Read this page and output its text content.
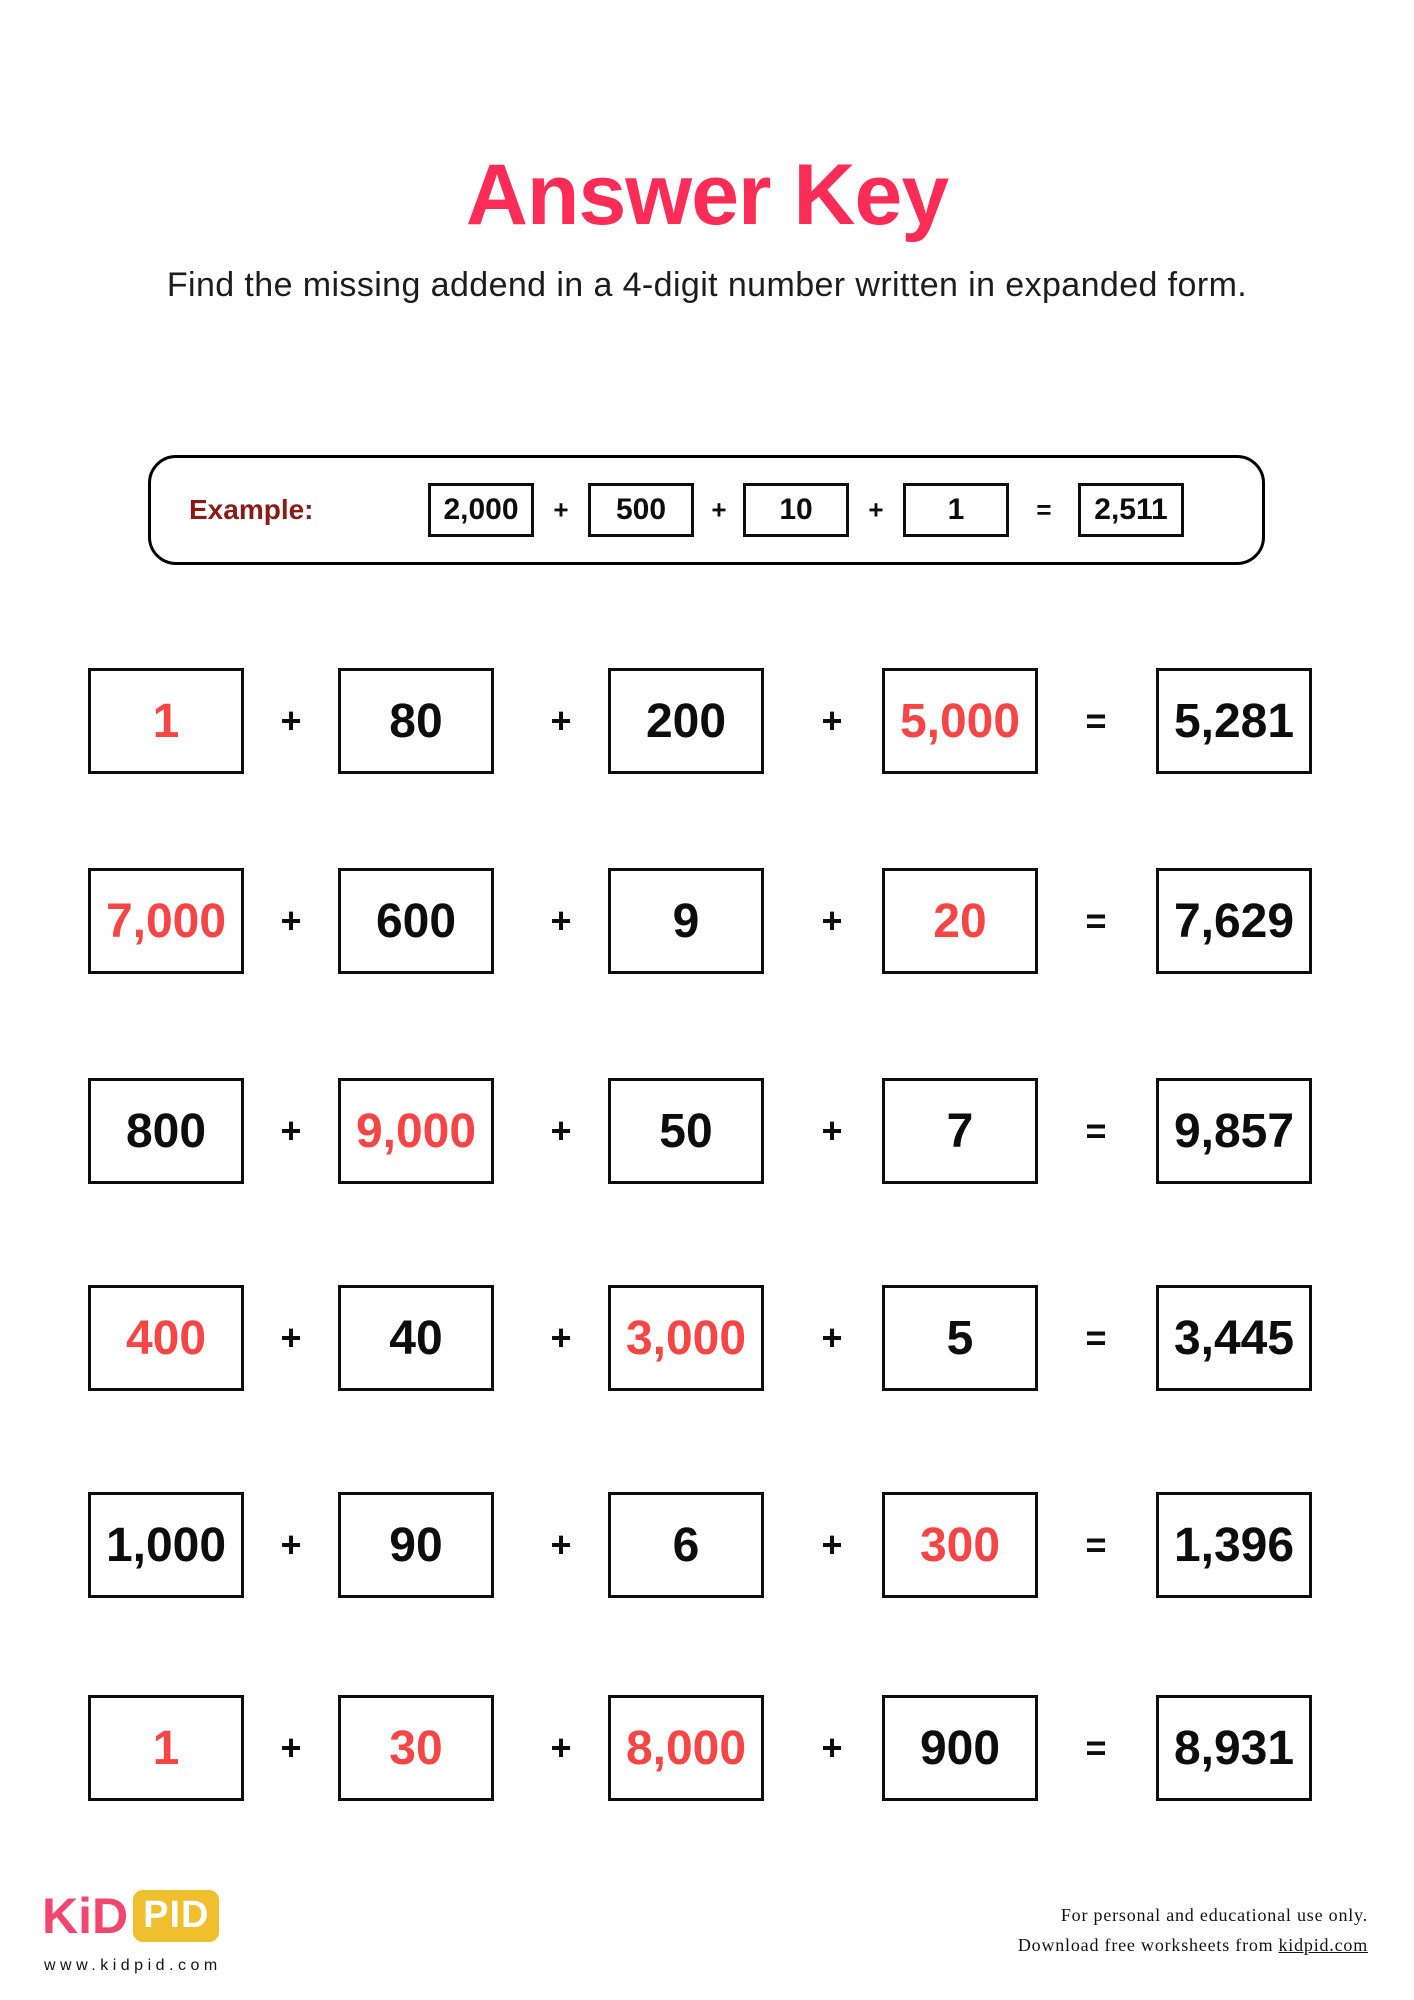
Answer Key

Find the missing addend in a 4-digit number written in expanded form.

Example:	2,000	+	500	+	10	+	1	=	2,511
1	+	80	+	200	+	5,000	=	5,281
7,000	+	600	+	9	+	20	=	7,629
800	+	9,000	+	50	+	7	=	9,857
400	+	40	+	3,000	+	5	=	3,445
1,000	+	90	+	6	+	300	=	1,396
1	+	30	+	8,000	+	900	=	8,931
KiD PID
www.kidpid.com
For personal and educational use only.
Download free worksheets from kidpid.com
